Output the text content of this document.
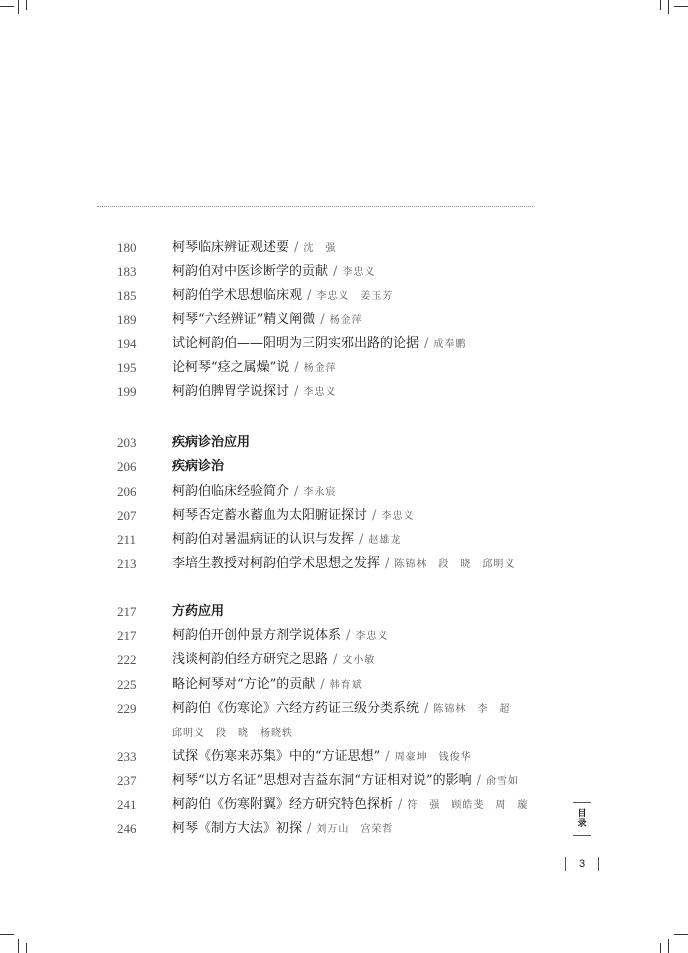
180	柯琴临床辨证观述要 / 沈　强
183	柯韵伯对中医诊断学的贡献 / 李忠义
185	柯韵伯学术思想临床观 / 李忠义　姜玉芳
189	柯琴“六经辨证”精义阐微 / 杨金萍
194	试论柯韵伯——阳明为三阴实邪出路的论据 / 成奉鹏
195	论柯琴“痉之属燥”说 / 杨金萍
199	柯韵伯脾胃学说探讨 / 李忠义
203	疾病诊治应用
206	疾病诊治
206	柯韵伯临床经验简介 / 李永宸
207	柯琴否定蓄水蓄血为太阳腑证探讨 / 李忠义
211	柯韵伯对暑温病证的认识与发挥 / 赵雄龙
213	李培生教授对柯韵伯学术思想之发挥 / 陈锦林　段　晓　邱明义
217	方药应用
217	柯韵伯开创仲景方剂学说体系 / 李忠义
222	浅谈柯韵伯经方研究之思路 / 文小敏
225	略论柯琴对“方论”的贡献 / 韩育斌
229	柯韵伯《伤寒论》六经方药证三级分类系统 / 陈锦林　李　超
邱明义　段　晓　杨晓轶
233	试探《伤寒来苏集》中的“方证思想” / 周豪坤　钱俊华
237	柯琴“以方名证”思想对吉益东洞“方证相对说”的影响 / 俞雪如
241	柯韵伯《伤寒附翼》经方研究特色探析 / 符　强　顾皓斐　周　璇
246	柯琴《制方大法》初探 / 刘万山　宫荣哲
目
录
3
